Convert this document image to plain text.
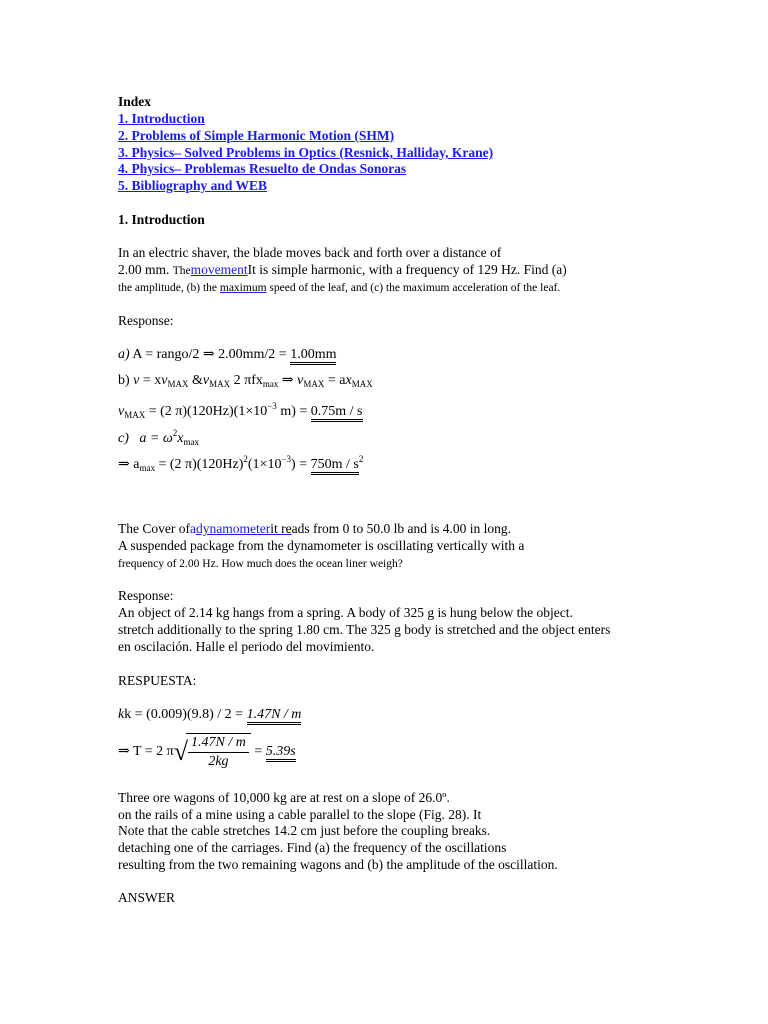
Index
1. Introduction
2. Problems of Simple Harmonic Motion (SHM)
3. Physics– Solved Problems in Optics (Resnick, Halliday, Krane)
4. Physics– Problemas Resuelto de Ondas Sonoras
5. Bibliography and WEB
1. Introduction
In an electric shaver, the blade moves back and forth over a distance of
2.00 mm. ThemovementIt is simple harmonic, with a frequency of 129 Hz. Find (a)
the amplitude, (b) the maximum speed of the leaf, and (c) the maximum acceleration of the leaf.
Response:
a) A = rango/2 ⇒ 2.00mm/2 = 1.00mm
b) $v = xv_{MAX}$ $\&v_{MAX}$ 2 πfx$_{max}$ ⇒ $v_{MAX} = ax_{MAX}$
$v_{MAX} = (2$ $\pi)(120Hz)(1\times 10^{-3}$ m) = 0.75m / s
c) $a = \omega^2x_{max}$
⇒ $a_{max} = (2$ $\pi)(120Hz)^2(1\times 10^{-3}) = 750m / s^2$
The Cover ofadynamometerit reads from 0 to 50.0 lb and is 4.00 in long.
A suspended package from the dynamometer is oscillating vertically with a
frequency of 2.00 Hz. How much does the ocean liner weigh?
Response:
An object of 2.14 kg hangs from a spring. A body of 325 g is hung below the object.
stretch additionally to the spring 1.80 cm. The 325 g body is stretched and the object enters
en oscilación. Halle el periodo del movimiento.
RESPUESTA:
kk = (0.009)(9.8) / 2 = 1.47N / m
⇒ T = 2 π√
$\frac{1.47N / m}{2kg} = 5.39s$
Three ore wagons of 10,000 kg are at rest on a slope of 26.0º.
on the rails of a mine using a cable parallel to the slope (Fig. 28). It
Note that the cable stretches 14.2 cm just before the coupling breaks.
detaching one of the carriages. Find (a) the frequency of the oscillations
resulting from the two remaining wagons and (b) the amplitude of the oscillation.
ANSWER
